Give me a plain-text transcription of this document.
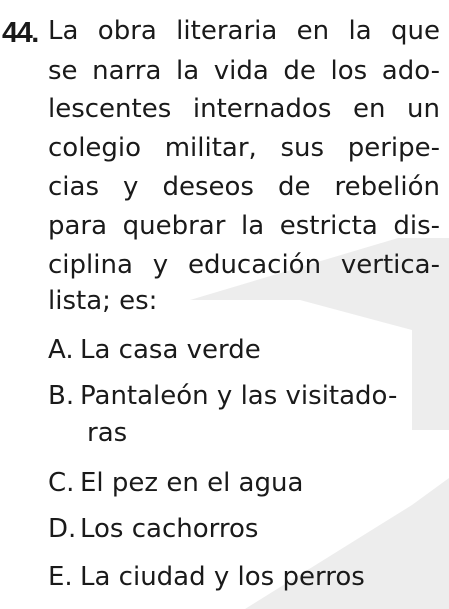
44. La obra literaria en la que
se narra la vida de los ado-
lescentes internados en un
colegio militar, sus peripe-
cias y deseos de rebelión
para quebrar la estricta dis-
ciplina y educación vertica-
lista; es:
A. La casa verde
B. Pantaleón y las visitado-
ras
C. El pez en el agua
D. Los cachorros
E. La ciudad y los perros
